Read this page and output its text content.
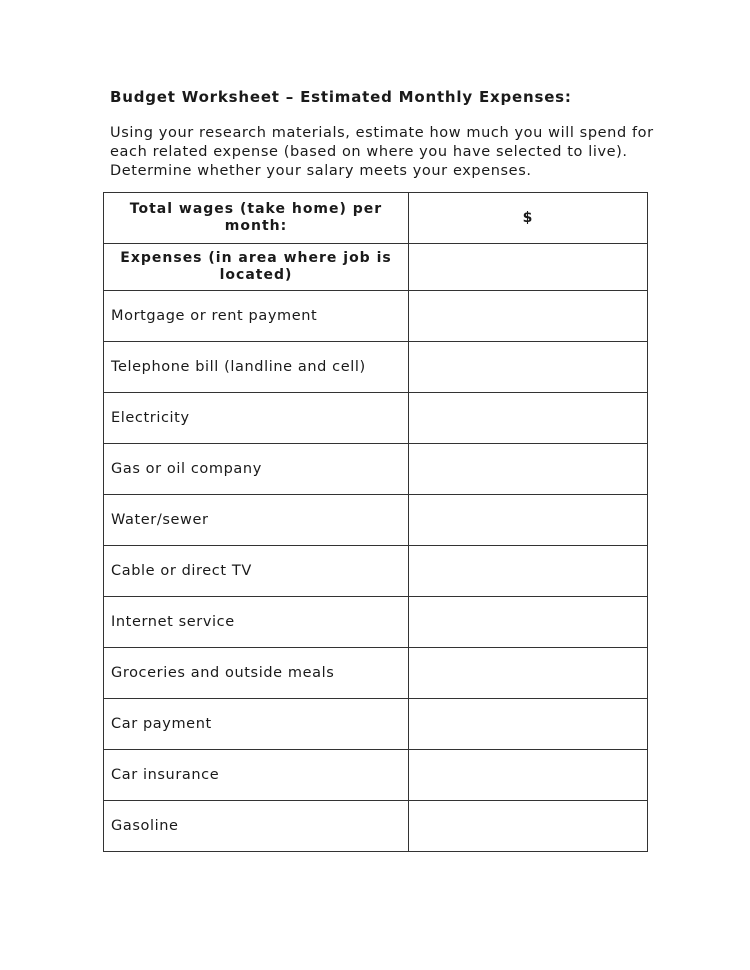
Budget Worksheet – Estimated Monthly Expenses:

Using your research materials, estimate how much you will spend for
each related expense (based on where you have selected to live).
Determine whether your salary meets your expenses.

Total wages (take home) per month:	$
Expenses (in area where job is located)	
Mortgage or rent payment	
Telephone bill (landline and cell)	
Electricity	
Gas or oil company	
Water/sewer	
Cable or direct TV	
Internet service	
Groceries and outside meals	
Car payment	
Car insurance	
Gasoline	
